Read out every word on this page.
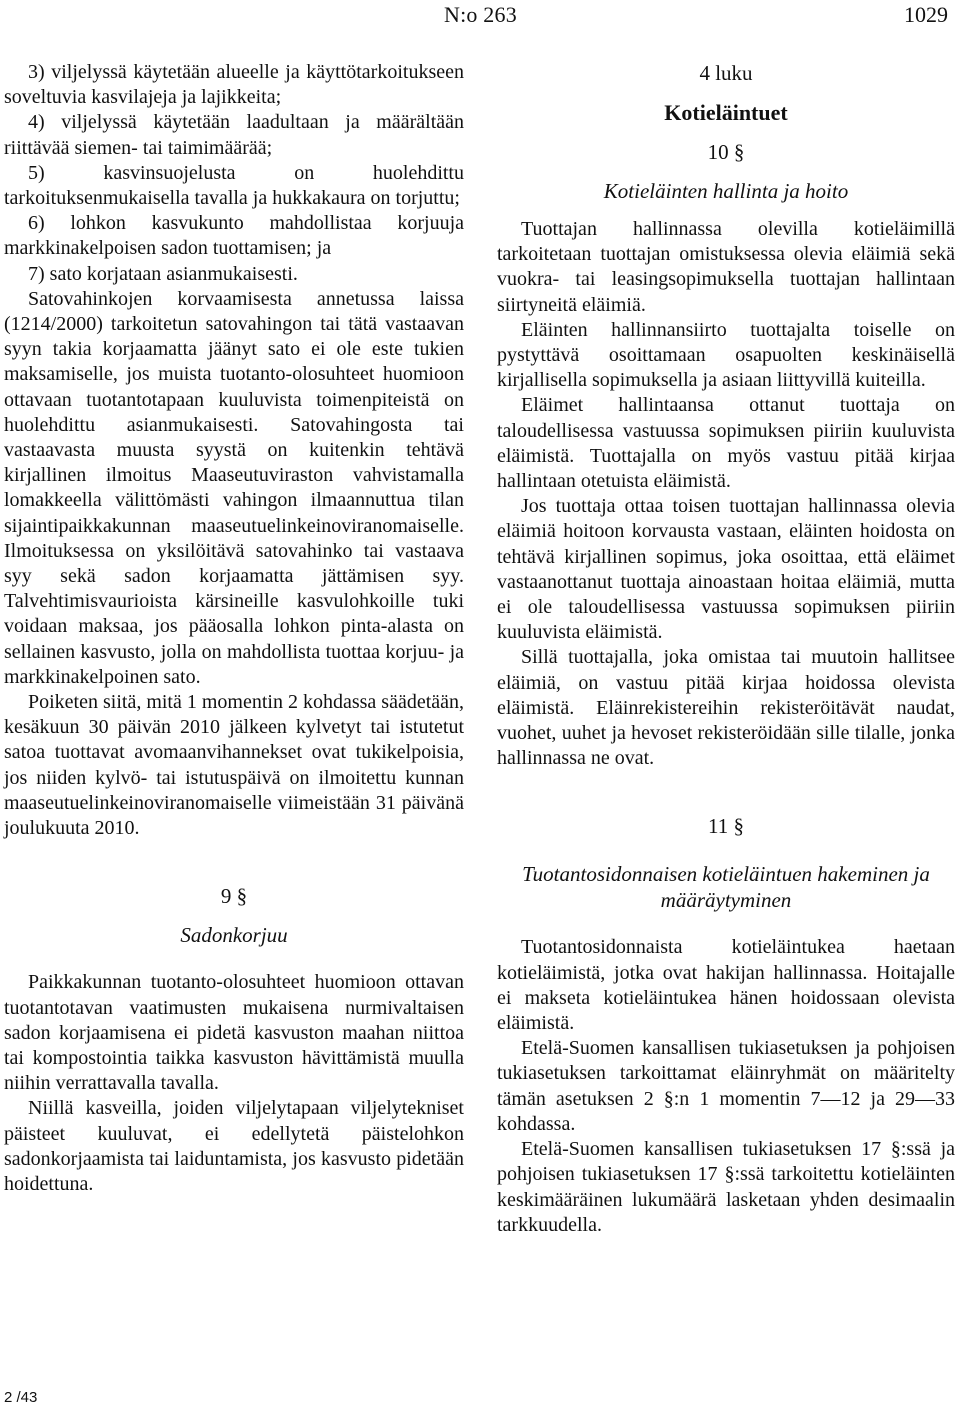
N:o 263	1029

3) viljelyssä käytetään alueelle ja käyttötarkoitukseen soveltuvia kasvilajeja ja lajikkeita;

4) viljelyssä käytetään laadultaan ja määrältään riittävää siemen- tai taimimäärää;

5) kasvinsuojelusta on huolehdittu tarkoituksenmukaisella tavalla ja hukkakaura on torjuttu;

6) lohkon kasvukunto mahdollistaa korjuuja markkinakelpoisen sadon tuottamisen; ja

7) sato korjataan asianmukaisesti.

Satovahinkojen korvaamisesta annetussa laissa (1214/2000) tarkoitetun satovahingon tai tätä vastaavan syyn takia korjaamatta jäänyt sato ei ole este tukien maksamiselle, jos muista tuotanto-olosuhteet huomioon ottavaan tuotantotapaan kuuluvista toimenpiteistä on huolehdittu asianmukaisesti. Satovahingosta tai vastaavasta muusta syystä on kuitenkin tehtävä kirjallinen ilmoitus Maaseutuviraston vahvistamalla lomakkeella välittömästi vahingon ilmaannuttua tilan sijaintipaikkakunnan maaseutuelinkeinoviranomaiselle. Ilmoituksessa on yksilöitävä satovahinko tai vastaava syy sekä sadon korjaamatta jättämisen syy. Talvehtimisvaurioista kärsineille kasvulohkoille tuki voidaan maksaa, jos pääosalla lohkon pinta-alasta on sellainen kasvusto, jolla on mahdollista tuottaa korjuu- ja markkinakelpoinen sato.

Poiketen siitä, mitä 1 momentin 2 kohdassa säädetään, kesäkuun 30 päivän 2010 jälkeen kylvetyt tai istutetut satoa tuottavat avomaanvihannekset ovat tukikelpoisia, jos niiden kylvö- tai istutuspäivä on ilmoitettu kunnan maaseutuelinkeinoviranomaiselle viimeistään 31 päivänä joulukuuta 2010.

9 §
Sadonkorjuu

Paikkakunnan tuotanto-olosuhteet huomioon ottavan tuotantotavan vaatimusten mukaisena nurmivaltaisen sadon korjaamisena ei pidetä kasvuston maahan niittoa tai kompostointia taikka kasvuston hävittämistä muulla niihin verrattavalla tavalla.

Niillä kasveilla, joiden viljelytapaan viljelytekniset päisteet kuuluvat, ei edellytetä päistelohkon sadonkorjaamista tai laiduntamista, jos kasvusto pidetään hoidettuna.

4 luku
Kotieläintuet
10 §
Kotieläinten hallinta ja hoito

Tuottajan hallinnassa olevilla kotieläimillä tarkoitetaan tuottajan omistuksessa olevia eläimiä sekä vuokra- tai leasingsopimuksella tuottajan hallintaan siirtyneitä eläimiä.

Eläinten hallinnansiirto tuottajalta toiselle on pystyttävä osoittamaan osapuolten keskinäisellä kirjallisella sopimuksella ja asiaan liittyvillä kuiteilla.

Eläimet hallintaansa ottanut tuottaja on taloudellisessa vastuussa sopimuksen piiriin kuuluvista eläimistä. Tuottajalla on myös vastuu pitää kirjaa hallintaan otetuista eläimistä.

Jos tuottaja ottaa toisen tuottajan hallinnassa olevia eläimiä hoitoon korvausta vastaan, eläinten hoidosta on tehtävä kirjallinen sopimus, joka osoittaa, että eläimet vastaanottanut tuottaja ainoastaan hoitaa eläimiä, mutta ei ole taloudellisessa vastuussa sopimuksen piiriin kuuluvista eläimistä.

Sillä tuottajalla, joka omistaa tai muutoin hallitsee eläimiä, on vastuu pitää kirjaa hoidossa olevista eläimistä. Eläinrekistereihin rekisteröitävät naudat, vuohet, uuhet ja hevoset rekisteröidään sille tilalle, jonka hallinnassa ne ovat.

11 §
Tuotantosidonnaisen kotieläintuen hakeminen ja määräytyminen

Tuotantosidonnaista kotieläintukea haetaan kotieläimistä, jotka ovat hakijan hallinnassa. Hoitajalle ei makseta kotieläintukea hänen hoidossaan olevista eläimistä.

Etelä-Suomen kansallisen tukiasetuksen ja pohjoisen tukiasetuksen tarkoittamat eläinryhmät on määritelty tämän asetuksen 2 §:n 1 momentin 7—12 ja 29—33 kohdassa.

Etelä-Suomen kansallisen tukiasetuksen 17 §:ssä ja pohjoisen tukiasetuksen 17 §:ssä tarkoitettu kotieläinten keskimääräinen lukumäärä lasketaan yhden desimaalin tarkkuudella.

2 /43
